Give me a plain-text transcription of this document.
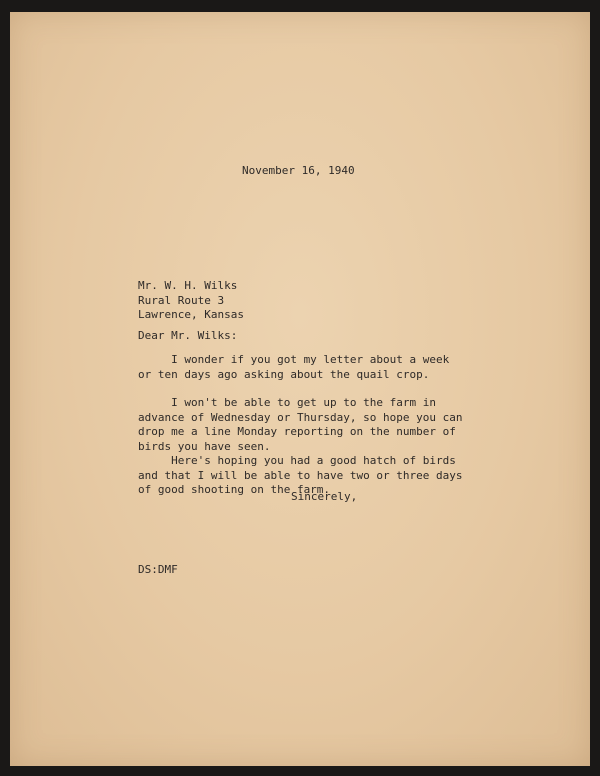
November 16, 1940
Mr. W. H. Wilks
Rural Route 3
Lawrence, Kansas
Dear Mr. Wilks:

I wonder if you got my letter about a week
or ten days ago asking about the quail crop.

I won't be able to get up to the farm in
advance of Wednesday or Thursday, so hope you can
drop me a line Monday reporting on the number of
birds you have seen.

Here's hoping you had a good hatch of birds
and that I will be able to have two or three days
of good shooting on the farm.

Sincerely,
DS:DMF
